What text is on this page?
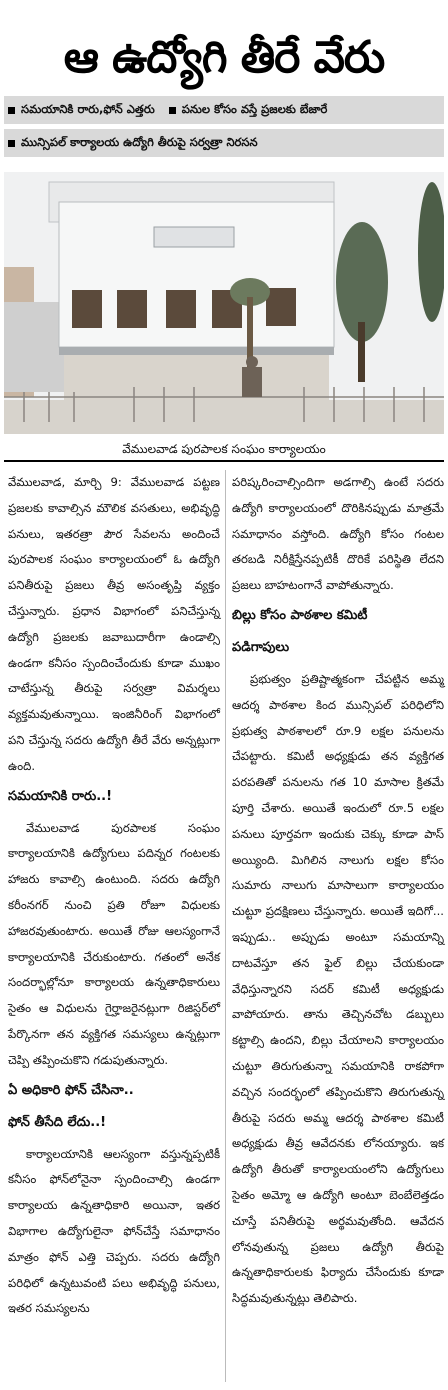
ఆ ఉద్యోగి తీరే వేరు
సమయానికి రారు,ఫోన్ ఎత్తరు పనుల కోసం వస్తే ప్రజలకు బేజారే
మున్సిపల్ కార్యాలయ ఉద్యోగి తీరుపై సర్వత్రా నిరసన
వేములవాడ పురపాలక సంఘం కార్యాలయం

వేములవాడ, మార్చి 9: వేములవాడ పట్టణ ప్రజలకు కావాల్సిన మౌలిక వసతులు, అభివృద్ధి పనులు, ఇతరత్రా పౌర సేవలను అందించే పురపాలక సంఘం కార్యాలయంలో ఓ ఉద్యోగి పనితీరుపై ప్రజలు తీవ్ర అసంతృప్తి వ్యక్తం చేస్తున్నారు. ప్రధాన విభాగంలో పనిచేస్తున్న ఉద్యోగి ప్రజలకు జవాబుదారీగా ఉండాల్సి ఉండగా కనీసం స్పందించేందుకు కూడా ముఖం చాటేస్తున్న తీరుపై సర్వత్రా విమర్శలు వ్యక్తమవుతున్నాయి. ఇంజినీరింగ్ విభాగంలో పని చేస్తున్న సదరు ఉద్యోగి తీరే వేరు అన్నట్లుగా ఉంది.

సమయానికి రారు..!

వేములవాడ పురపాలక సంఘం కార్యాలయానికి ఉద్యోగులు పదిన్నర గంటలకు హాజరు కావాల్సి ఉంటుంది. సదరు ఉద్యోగి కరీంనగర్ నుంచి ప్రతి రోజూ విధులకు హాజరవుతుంటారు. అయితే రోజు ఆలస్యంగానే కార్యాలయానికి చేరుకుంటారు. గతంలో అనేక సందర్భాల్లోనూ కార్యాలయ ఉన్నతాధికారులు సైతం ఆ విధులను గైర్హాజరైనట్లుగా రిజిస్టర్‌లో పేర్కొనగా తన వ్యక్తిగత సమస్యలు ఉన్నట్లుగా చెప్పి తప్పించుకొని గడుపుతున్నారు.

ఏ అధికారి ఫోన్ చేసినా..
ఫోన్ తీసేది లేదు..!

కార్యాలయానికి ఆలస్యంగా వస్తున్నప్పటికీ కనీసం ఫోన్‌లోనైనా స్పందించాల్సి ఉండగా కార్యాలయ ఉన్నతాధికారి అయినా, ఇతర విభాగాల ఉద్యోగులైనా ఫోన్‌చేస్తే సమాధానం మాత్రం ఫోన్ ఎత్తి చెప్పరు. సదరు ఉద్యోగి పరిధిలో ఉన్నటువంటి పలు అభివృద్ధి పనులు, ఇతర సమస్యలను

పరిష్కరించాల్సిందిగా అడగాల్సి ఉంటే సదరు ఉద్యోగి కార్యాలయంలో దొరికినప్పుడు మాత్రమే సమాధానం వస్తోంది. ఉద్యోగి కోసం గంటల తరబడి నిరీక్షిస్తేనప్పటికీ దొరికే పరిస్థితి లేదని ప్రజలు బాహటంగానే వాపోతున్నారు.

బిల్లు కోసం పాఠశాల కమిటీ
పడిగాపులు

ప్రభుత్వం ప్రతిష్టాత్మకంగా చేపట్టిన అమ్మ ఆదర్శ పాఠశాల కింద మున్సిపల్ పరిధిలోని ప్రభుత్వ పాఠశాలలో రూ.9 లక్షల పనులను చేపట్టారు. కమిటీ అధ్యక్షుడు తన వ్యక్తిగత పరపతితో పనులను గత 10 మాసాల క్రితమే పూర్తి చేశారు. అయితే ఇందులో రూ.5 లక్షల పనులు పూర్తవగా ఇందుకు చెక్కు కూడా పాస్ అయ్యింది. మిగిలిన నాలుగు లక్షల కోసం సుమారు నాలుగు మాసాలుగా కార్యాలయం చుట్టూ ప్రదక్షిణలు చేస్తున్నారు. అయితే ఇదిగో... ఇప్పుడు.. అప్పుడు అంటూ సమయాన్ని దాటవేస్తూ తన ఫైల్‌ బిల్లు చేయకుండా వేధిస్తున్నారని సదర్ కమిటీ అధ్యక్షుడు వాపోయారు. తాను తెచ్చినచోట డబ్బులు కట్టాల్సి ఉందని, బిల్లు చేయాలని కార్యాలయం చుట్టూ తిరుగుతున్నా సమయానికి రాకపోగా వచ్చిన సందర్భంలో తప్పించుకొని తిరుగుతున్న తీరుపై సదరు అమ్మ ఆదర్శ పాఠశాల కమిటీ అధ్యక్షుడు తీవ్ర ఆవేదనకు లోనయ్యారు. ఇక ఉద్యోగి తీరుతో కార్యాలయంలోని ఉద్యోగులు సైతం అమ్మో ఆ ఉద్యోగి అంటూ బెంబేలెత్తడం చూస్తే పనితీరుపై అర్థమవుతోంది. ఆవేదన లోనవుతున్న ప్రజలు ఉద్యోగి తీరుపై ఉన్నతాధికారులకు ఫిర్యాదు చేసేందుకు కూడా సిద్ధమవుతున్నట్లు తెలిపారు.
